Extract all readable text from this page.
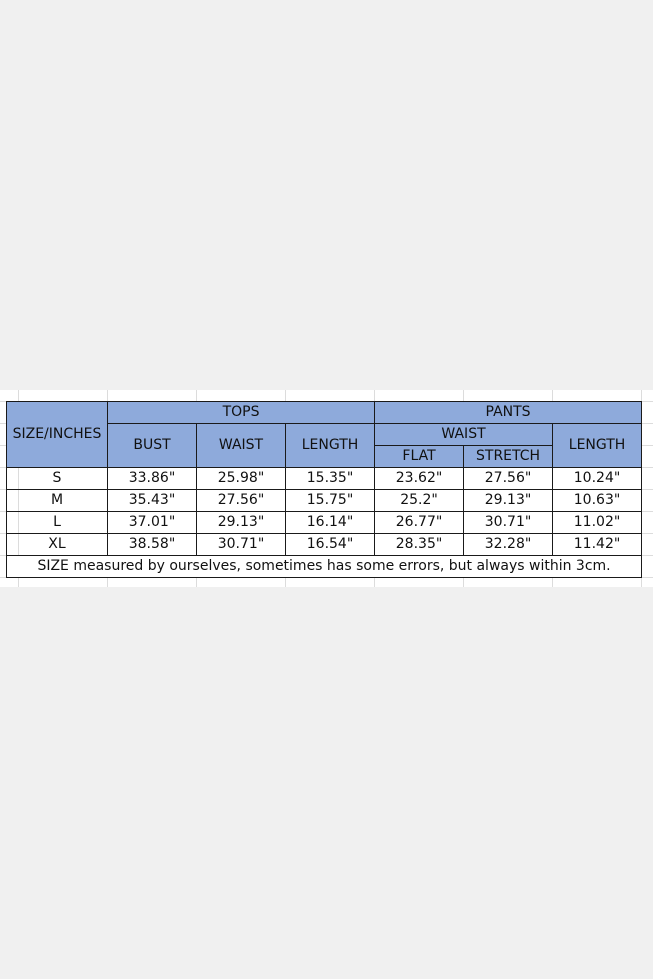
SIZE/INCHES	TOPS			PANTS		
	BUST	WAIST	LENGTH	WAIST		LENGTH
				FLAT	STRETCH	
S	33.86"	25.98"	15.35"	23.62"	27.56"	10.24"
M	35.43"	27.56"	15.75"	25.2"	29.13"	10.63"
L	37.01"	29.13"	16.14"	26.77"	30.71"	11.02"
XL	38.58"	30.71"	16.54"	28.35"	32.28"	11.42"
SIZE measured by ourselves, sometimes has some errors, but always within 3cm.						
